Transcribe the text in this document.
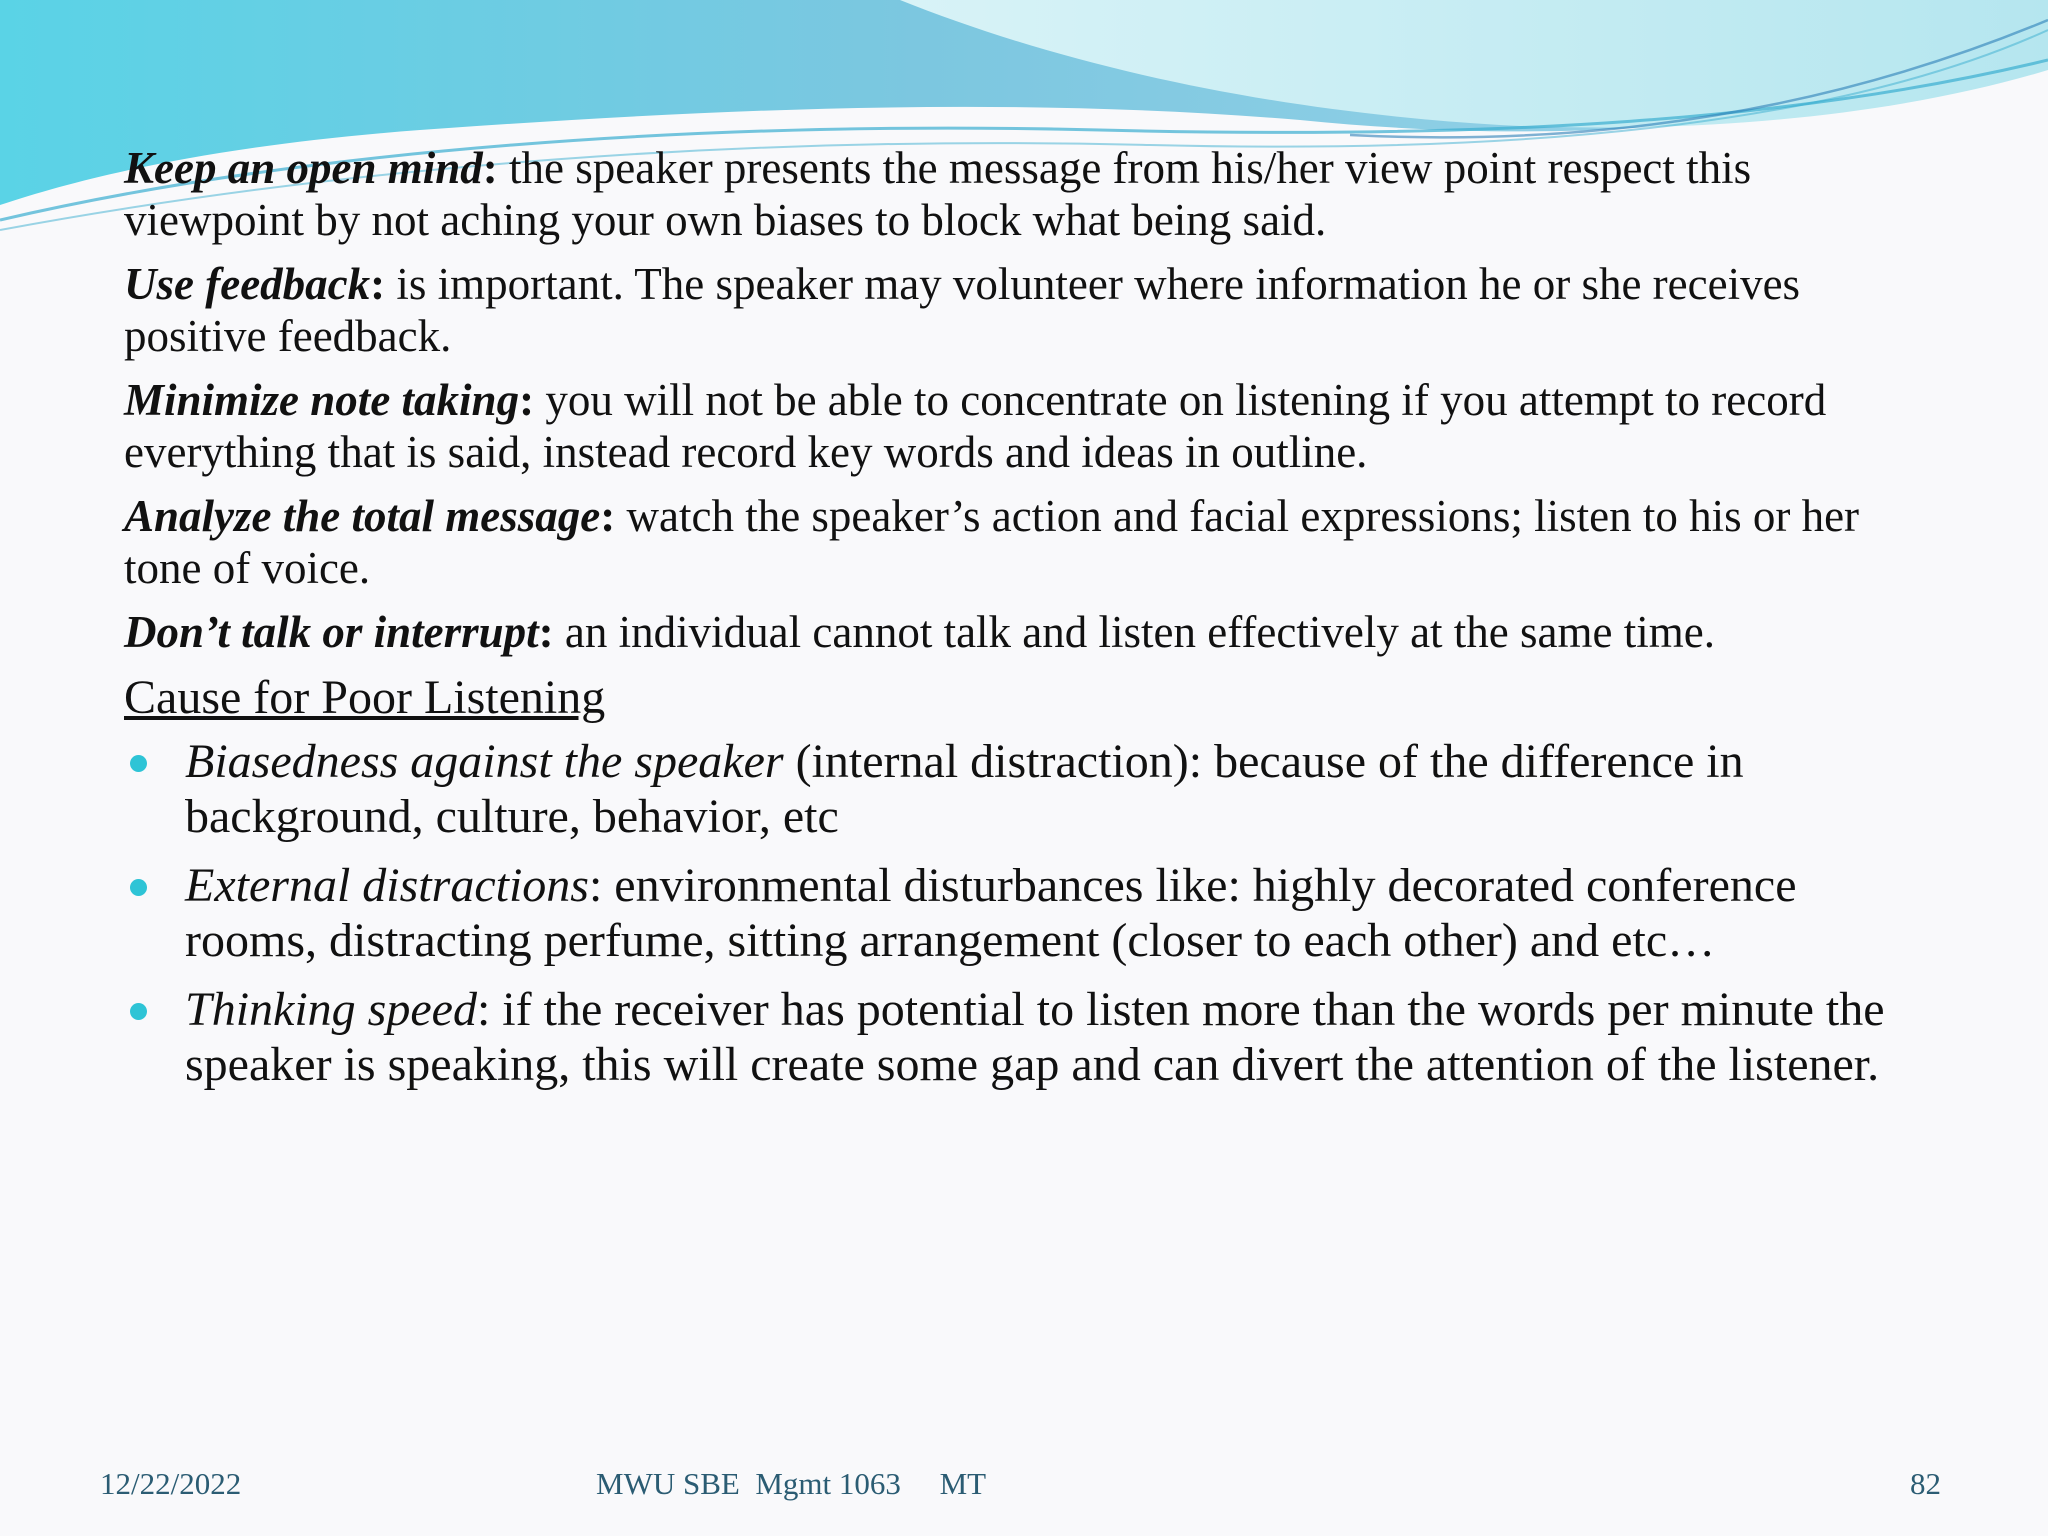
Keep an open mind: the speaker presents the message from his/her view point respect this viewpoint by not aching your own biases to block what being said.

Use feedback: is important. The speaker may volunteer where information he or she receives positive feedback.

Minimize note taking: you will not be able to concentrate on listening if you attempt to record everything that is said, instead record key words and ideas in outline.

Analyze the total message: watch the speaker’s action and facial expressions; listen to his or her tone of voice.

Don’t talk or interrupt: an individual cannot talk and listen effectively at the same time.

Cause for Poor Listening
Biasedness against the speaker (internal distraction): because of the difference in background, culture, behavior, etc
External distractions: environmental disturbances like: highly decorated conference rooms, distracting perfume, sitting arrangement (closer to each other) and etc…
Thinking speed: if the receiver has potential to listen more than the words per minute the speaker is speaking, this will create some gap and can divert the attention of the listener.
12/22/2022	MWU SBE  Mgmt 1063     MT	82
